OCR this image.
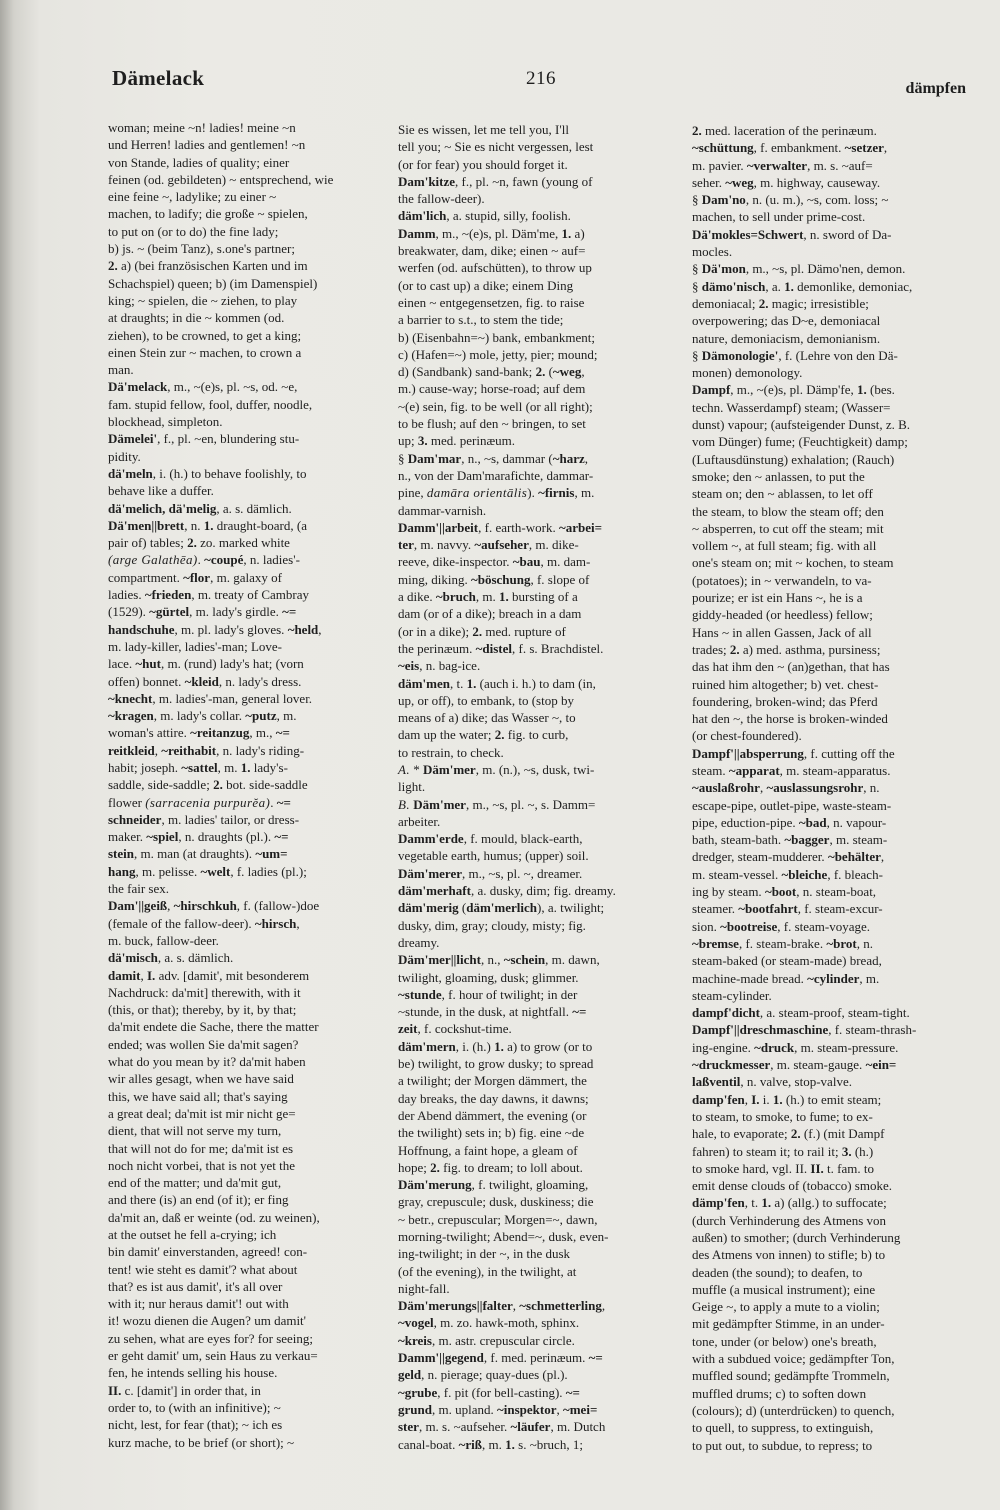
Dämelack	216	dämpfen
woman; meine ~n! ladies! meine ~n
und Herren! ladies and gentlemen! ~n
von Stande, ladies of quality; einer
feinen (od. gebildeten) ~ entsprechend, wie
eine feine ~, ladylike; zu einer ~
machen, to ladify; die große ~ spielen,
to put on (or to do) the fine lady;
b) js. ~ (beim Tanz), s.one's partner;
2. a) (bei französischen Karten und im
Schachspiel) queen; b) (im Damenspiel)
king; ~ spielen, die ~ ziehen, to play
at draughts; in die ~ kommen (od.
ziehen), to be crowned, to get a king;
einen Stein zur ~ machen, to crown a
man.
Dä'melack, m., ~(e)s, pl. ~s, od. ~e,
fam. stupid fellow, fool, duffer, noodle,
blockhead, simpleton.
Dämelei', f., pl. ~en, blundering stu-
pidity.
dä'meln, i. (h.) to behave foolishly, to
behave like a duffer.
dä'melich, dä'melig, a. s. dämlich.
Dä'men||brett, n. 1. draught-board, (a
pair of) tables; 2. zo. marked white
(arge Galathēa). ~coupé, n. ladies'-
compartment. ~flor, m. galaxy of
ladies. ~frieden, m. treaty of Cambray
(1529). ~gürtel, m. lady's girdle. ~=
handschuhe, m. pl. lady's gloves. ~held,
m. lady-killer, ladies'-man; Love-
lace. ~hut, m. (rund) lady's hat; (vorn
offen) bonnet. ~kleid, n. lady's dress.
~knecht, m. ladies'-man, general lover.
~kragen, m. lady's collar. ~putz, m.
woman's attire. ~reitanzug, m., ~=
reitkleid, ~reithabit, n. lady's riding-
habit; joseph. ~sattel, m. 1. lady's-
saddle, side-saddle; 2. bot. side-saddle
flower (sarracenia purpurĕa). ~=
schneider, m. ladies' tailor, or dress-
maker. ~spiel, n. draughts (pl.). ~=
stein, m. man (at draughts). ~um=
hang, m. pelisse. ~welt, f. ladies (pl.);
the fair sex.
Dam'||geiß, ~hirschkuh, f. (fallow-)doe
(female of the fallow-deer). ~hirsch,
m. buck, fallow-deer.
dä'misch, a. s. dämlich.
damit, I. adv. [damit', mit besonderem
Nachdruck: da'mit] therewith, with it
(this, or that); thereby, by it, by that;
da'mit endete die Sache, there the matter
ended; was wollen Sie da'mit sagen?
what do you mean by it? da'mit haben
wir alles gesagt, when we have said
this, we have said all; that's saying
a great deal; da'mit ist mir nicht ge=
dient, that will not serve my turn,
that will not do for me; da'mit ist es
noch nicht vorbei, that is not yet the
end of the matter; und da'mit gut,
and there (is) an end (of it); er fing
da'mit an, daß er weinte (od. zu weinen),
at the outset he fell a-crying; ich
bin damit' einverstanden, agreed! con-
tent! wie steht es damit'? what about
that? es ist aus damit', it's all over
with it; nur heraus damit'! out with
it! wozu dienen die Augen? um damit'
zu sehen, what are eyes for? for seeing;
er geht damit' um, sein Haus zu verkau=
fen, he intends selling his house.
II. c. [damit'] in order that, in
order to, to (with an infinitive); ~
nicht, lest, for fear (that); ~ ich es
kurz mache, to be brief (or short); ~
Sie es wissen, let me tell you, I'll
tell you; ~ Sie es nicht vergessen, lest
(or for fear) you should forget it.
Dam'kitze, f., pl. ~n, fawn (young of
the fallow-deer).
däm'lich, a. stupid, silly, foolish.
Damm, m., ~(e)s, pl. Däm'me, 1. a)
breakwater, dam, dike; einen ~ auf=
werfen (od. aufschütten), to throw up
(or to cast up) a dike; einem Ding
einen ~ entgegensetzen, fig. to raise
a barrier to s.t., to stem the tide;
b) (Eisenbahn=~) bank, embankment;
c) (Hafen=~) mole, jetty, pier; mound;
d) (Sandbank) sand-bank; 2. (~weg,
m.) cause-way; horse-road; auf dem
~(e) sein, fig. to be well (or all right);
to be flush; auf den ~ bringen, to set
up; 3. med. perinæum.
§ Dam'mar, n., ~s, dammar (~harz,
n., von der Dam'marafichte, dammar-
pine, damāra orientālis). ~firnis, m.
dammar-varnish.
Damm'||arbeit, f. earth-work. ~arbei=
ter, m. navvy. ~aufseher, m. dike-
reeve, dike-inspector. ~bau, m. dam-
ming, diking. ~böschung, f. slope of
a dike. ~bruch, m. 1. bursting of a
dam (or of a dike); breach in a dam
(or in a dike); 2. med. rupture of
the perinæum. ~distel, f. s. Brachdistel.
~eis, n. bag-ice.
däm'men, t. 1. (auch i. h.) to dam (in,
up, or off), to embank, to (stop by
means of a) dike; das Wasser ~, to
dam up the water; 2. fig. to curb,
to restrain, to check.
A. * Däm'mer, m. (n.), ~s, dusk, twi-
light.
B. Däm'mer, m., ~s, pl. ~, s. Damm=
arbeiter.
Damm'erde, f. mould, black-earth,
vegetable earth, humus; (upper) soil.
Däm'merer, m., ~s, pl. ~, dreamer.
däm'merhaft, a. dusky, dim; fig. dreamy.
däm'merig (däm'merlich), a. twilight;
dusky, dim, gray; cloudy, misty; fig.
dreamy.
Däm'mer||licht, n., ~schein, m. dawn,
twilight, gloaming, dusk; glimmer.
~stunde, f. hour of twilight; in der
~stunde, in the dusk, at nightfall. ~=
zeit, f. cockshut-time.
däm'mern, i. (h.) 1. a) to grow (or to
be) twilight, to grow dusky; to spread
a twilight; der Morgen dämmert, the
day breaks, the day dawns, it dawns;
der Abend dämmert, the evening (or
the twilight) sets in; b) fig. eine ~de
Hoffnung, a faint hope, a gleam of
hope; 2. fig. to dream; to loll about.
Däm'merung, f. twilight, gloaming,
gray, crepuscule; dusk, duskiness; die
~ betr., crepuscular; Morgen=~, dawn,
morning-twilight; Abend=~, dusk, even-
ing-twilight; in der ~, in the dusk
(of the evening), in the twilight, at
night-fall.
Däm'merungs||falter, ~schmetterling,
~vogel, m. zo. hawk-moth, sphinx.
~kreis, m. astr. crepuscular circle.
Damm'||gegend, f. med. perinæum. ~=
geld, n. pierage; quay-dues (pl.).
~grube, f. pit (for bell-casting). ~=
grund, m. upland. ~inspektor, ~mei=
ster, m. s. ~aufseher. ~läufer, m. Dutch
canal-boat. ~riß, m. 1. s. ~bruch, 1;
2. med. laceration of the perinæum.
~schüttung, f. embankment. ~setzer,
m. pavier. ~verwalter, m. s. ~auf=
seher. ~weg, m. highway, causeway.
§ Dam'no, n. (u. m.), ~s, com. loss; ~
machen, to sell under prime-cost.
Dä'mokles=Schwert, n. sword of Da-
mocles.
§ Dä'mon, m., ~s, pl. Dämo'nen, demon.
§ dämo'nisch, a. 1. demonlike, demoniac,
demoniacal; 2. magic; irresistible;
overpowering; das D~e, demoniacal
nature, demoniacism, demonianism.
§ Dämonologie', f. (Lehre von den Dä-
monen) demonology.
Dampf, m., ~(e)s, pl. Dämp'fe, 1. (bes.
techn. Wasserdampf) steam; (Wasser=
dunst) vapour; (aufsteigender Dunst, z. B.
vom Dünger) fume; (Feuchtigkeit) damp;
(Luftausdünstung) exhalation; (Rauch)
smoke; den ~ anlassen, to put the
steam on; den ~ ablassen, to let off
the steam, to blow the steam off; den
~ absperren, to cut off the steam; mit
vollem ~, at full steam; fig. with all
one's steam on; mit ~ kochen, to steam
(potatoes); in ~ verwandeln, to va-
pourize; er ist ein Hans ~, he is a
giddy-headed (or heedless) fellow;
Hans ~ in allen Gassen, Jack of all
trades; 2. a) med. asthma, pursiness;
das hat ihm den ~ (an)gethan, that has
ruined him altogether; b) vet. chest-
foundering, broken-wind; das Pferd
hat den ~, the horse is broken-winded
(or chest-foundered).
Dampf'||absperrung, f. cutting off the
steam. ~apparat, m. steam-apparatus.
~auslaßrohr, ~auslassungsrohr, n.
escape-pipe, outlet-pipe, waste-steam-
pipe, eduction-pipe. ~bad, n. vapour-
bath, steam-bath. ~bagger, m. steam-
dredger, steam-mudderer. ~behälter,
m. steam-vessel. ~bleiche, f. bleach-
ing by steam. ~boot, n. steam-boat,
steamer. ~bootfahrt, f. steam-excur-
sion. ~bootreise, f. steam-voyage.
~bremse, f. steam-brake. ~brot, n.
steam-baked (or steam-made) bread,
machine-made bread. ~cylinder, m.
steam-cylinder.
dampf'dicht, a. steam-proof, steam-tight.
Dampf'||dreschmaschine, f. steam-thrash-
ing-engine. ~druck, m. steam-pressure.
~druckmesser, m. steam-gauge. ~ein=
laßventil, n. valve, stop-valve.
damp'fen, I. i. 1. (h.) to emit steam;
to steam, to smoke, to fume; to ex-
hale, to evaporate; 2. (f.) (mit Dampf
fahren) to steam it; to rail it; 3. (h.)
to smoke hard, vgl. II. II. t. fam. to
emit dense clouds of (tobacco) smoke.
dämp'fen, t. 1. a) (allg.) to suffocate;
(durch Verhinderung des Atmens von
außen) to smother; (durch Verhinderung
des Atmens von innen) to stifle; b) to
deaden (the sound); to deafen, to
muffle (a musical instrument); eine
Geige ~, to apply a mute to a violin;
mit gedämpfter Stimme, in an under-
tone, under (or below) one's breath,
with a subdued voice; gedämpfter Ton,
muffled sound; gedämpfte Trommeln,
muffled drums; c) to soften down
(colours); d) (unterdrücken) to quench,
to quell, to suppress, to extinguish,
to put out, to subdue, to repress; to
